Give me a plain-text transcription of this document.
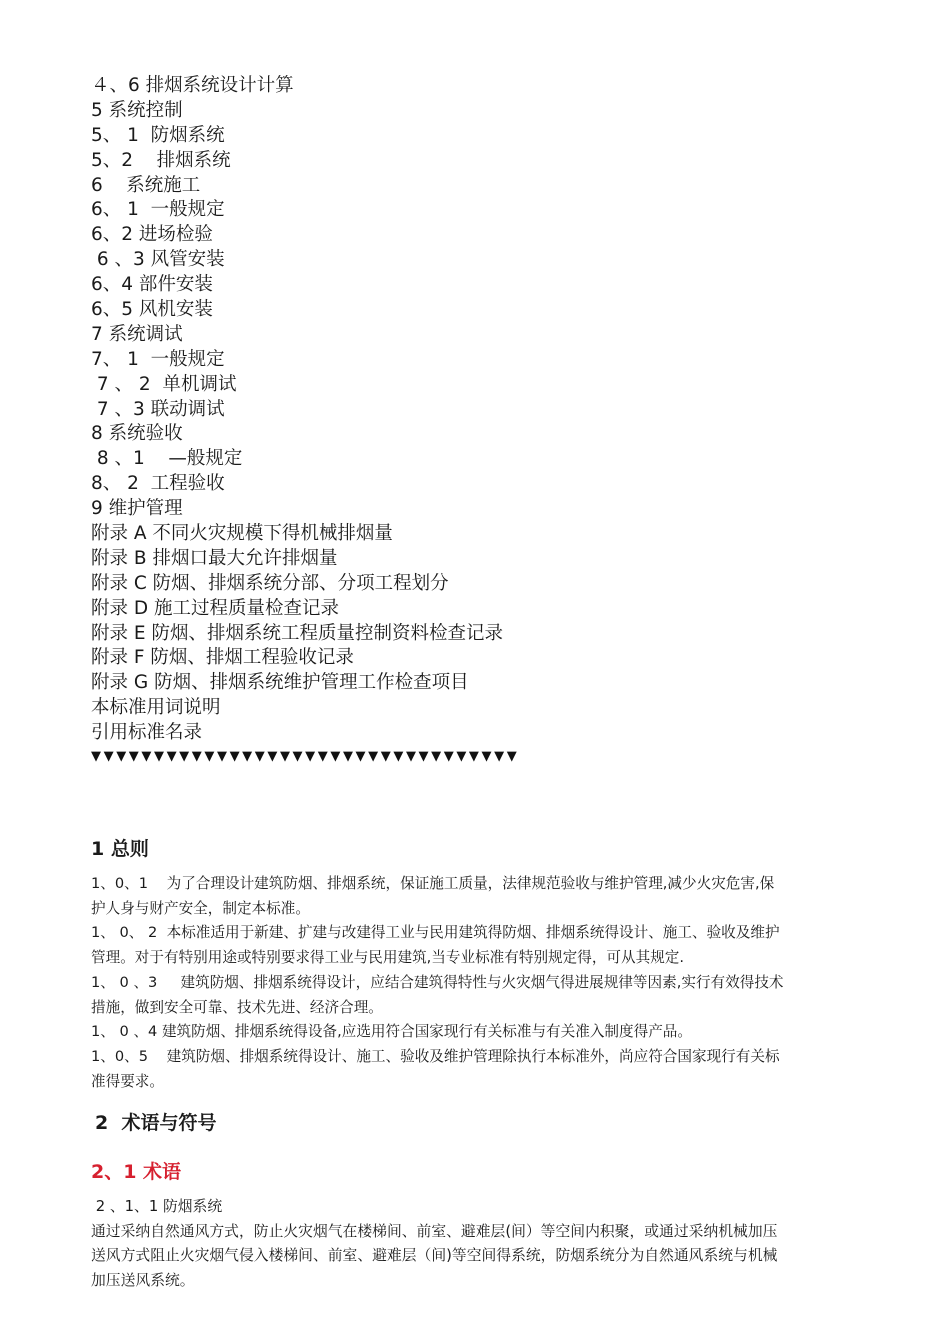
４、6 排烟系统设计计算
5 系统控制
5、 1  防烟系统
5、2    排烟系统
6    系统施工
6、 1  一般规定
6、2 进场检验
6 、3 风管安装
6、4 部件安装
6、5 风机安装
7 系统调试
7、 1  一般规定
7 、 2  单机调试
7 、3 联动调试
8 系统验收
8 、1    —般规定
8、 2  工程验收
9 维护管理
附录 A 不同火灾规模下得机械排烟量
附录 B 排烟口最大允许排烟量
附录 C 防烟、排烟系统分部、分项工程划分
附录 D 施工过程质量检查记录
附录 E 防烟、排烟系统工程质量控制资料检查记录
附录 F 防烟、排烟工程验收记录
附录 G 防烟、排烟系统维护管理工作检查项目
本标准用词说明
引用标准名录
▼▼▼▼▼▼▼▼▼▼▼▼▼▼▼▼▼▼▼▼▼▼▼▼▼▼▼▼▼▼▼▼▼▼
1 总则
1、0、1    为了合理设计建筑防烟、排烟系统，保证施工质量，法律规范验收与维护管理,减少火灾危害,保
护人身与财产安全，制定本标准。
1、 0、 2  本标准适用于新建、扩建与改建得工业与民用建筑得防烟、排烟系统得设计、施工、验收及维护
管理。对于有特别用途或特别要求得工业与民用建筑,当专业标准有特别规定得，可从其规定.
1、 0 、3     建筑防烟、排烟系统得设计，应结合建筑得特性与火灾烟气得进展规律等因素,实行有效得技术
措施，做到安全可靠、技术先进、经济合理。
1、 0 、4 建筑防烟、排烟系统得设备,应选用符合国家现行有关标准与有关准入制度得产品。
1、0、5    建筑防烟、排烟系统得设计、施工、验收及维护管理除执行本标准外，尚应符合国家现行有关标
准得要求。
2  术语与符号
2、1 术语
2 、1、1 防烟系统
通过采纳自然通风方式，防止火灾烟气在楼梯间、前室、避难层(间）等空间内积聚，或通过采纳机械加压
送风方式阻止火灾烟气侵入楼梯间、前室、避难层（间)等空间得系统，防烟系统分为自然通风系统与机械
加压送风系统。
